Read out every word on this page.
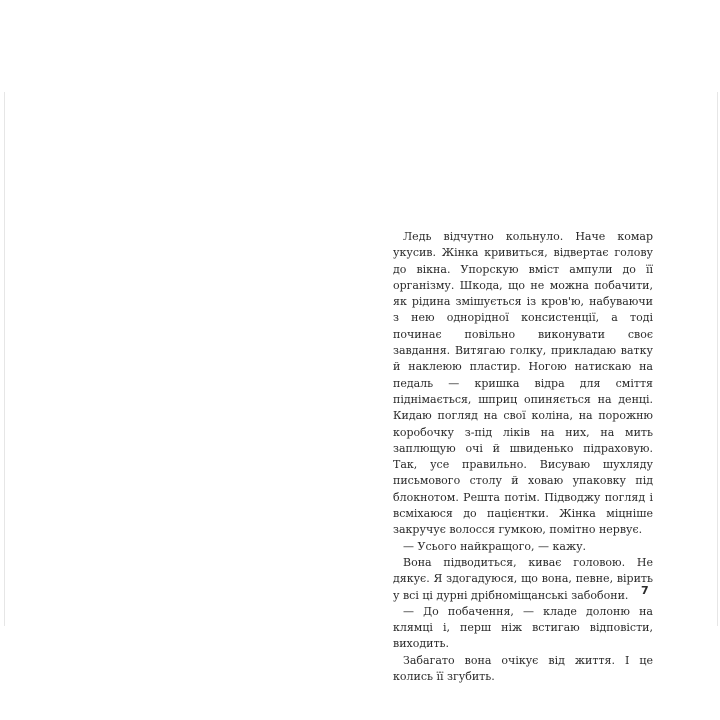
Ледь відчутно кольнуло. Наче комар укусив. Жінка кривиться, відвертає голову до вікна. Упорскую вміст ампули до її організму. Шкода, що не можна побачити, як рідина змішується із кров'ю, набуваючи з нею однорідної консистенції, а тоді починає повільно виконувати своє завдання. Витягаю голку, прикладаю ватку й наклеюю пластир. Ногою натискаю на педаль — кришка відра для сміття піднімається, шприц опиняється на денці. Кидаю погляд на свої коліна, на порожню коробочку з-під ліків на них, на мить заплющую очі й швиденько підраховую. Так, усе правильно. Висуваю шухляду письмового столу й ховаю упаковку під блокнотом. Решта потім. Підводжу погляд і всміхаюся до пацієнтки. Жінка міцніше закручує волосся гумкою, помітно нервує.

— Усього найкращого, — кажу.

Вона підводиться, киває головою. Не дякує. Я здогадуюся, що вона, певне, вірить у всі ці дурні дрібноміщанські забобони.

— До побачення, — кладе долоню на клямці і, перш ніж встигаю відповісти, виходить.

Забагато вона очікує від життя. І це колись її згубить.

7
